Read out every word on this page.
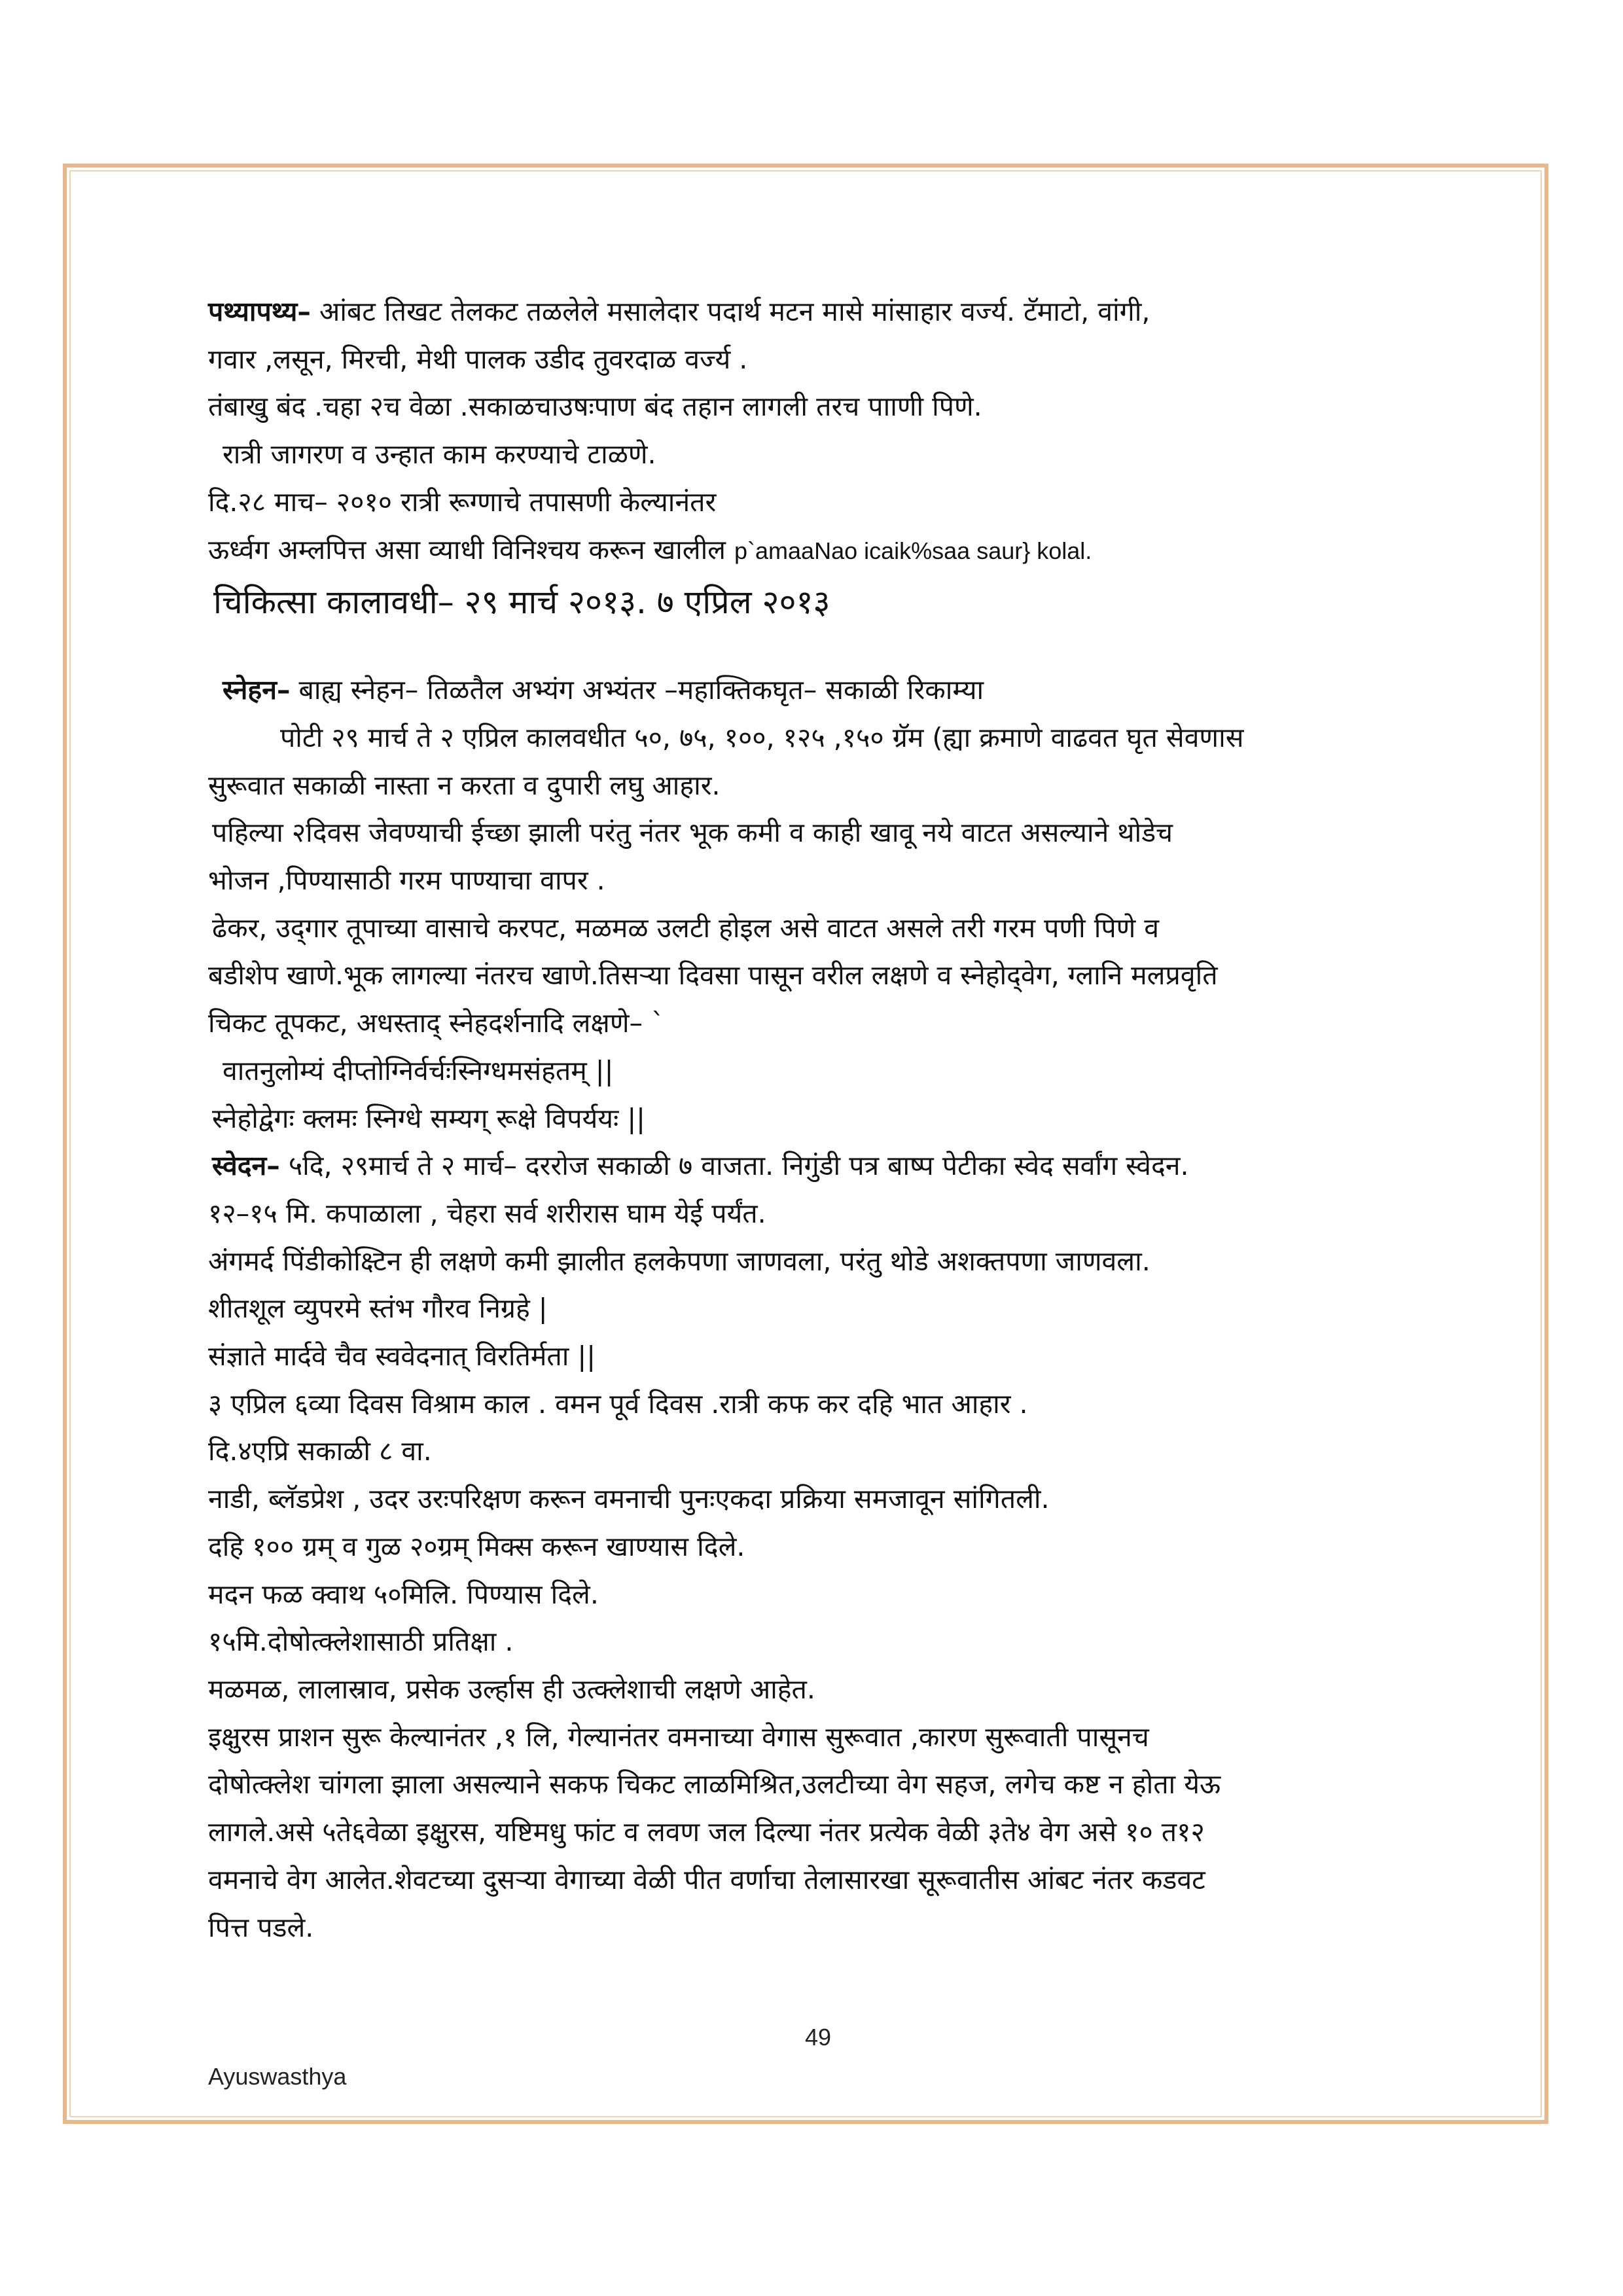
पथ्यापथ्य– आंबट तिखट तेलकट तळलेले मसालेदार पदार्थ मटन मासे मांसाहार वर्ज्य. टॅमाटो, वांगी,
गवार ,लसून, मिरची, मेथी पालक उडीद तुवरदाळ वर्ज्य .
तंबाखु बंद .चहा २च वेळा .सकाळचाउषःपाण बंद तहान लागली तरच पााणी पिणे.
रात्री जागरण व उन्हात काम करण्याचे टाळणे.
दि.२८ माच– २०१० रात्री रूग्णाचे तपासणी केल्यानंतर
ऊर्ध्वग अम्लपित्त असा व्याधी विनिश्चय करून खालील p`amaaNao icaik%saa saur} kolal.
चिकित्सा कालावधी– २९ मार्च २०१३. ७ एप्रिल २०१३
स्नेहन– बाह्य स्नेहन– तिळतैल अभ्यंग अभ्यंतर –महाक्तिकघृत– सकाळी रिकाम्या
पोटी २९ मार्च ते २ एप्रिल कालवधीत ५०, ७५, १००, १२५ ,१५० ग्रॅम (ह्या क्रमाणे वाढवत घृत सेवणास
सुरूवात सकाळी नास्ता न करता व दुपारी लघु आहार.
पहिल्या २दिवस जेवण्याची ईच्छा झाली परंतु नंतर भूक कमी व काही खावू नये वाटत असल्याने थोडेच
भोजन ,पिण्यासाठी गरम पाण्याचा वापर .
ढेकर, उद्‌गार तूपाच्या वासाचे करपट, मळमळ उलटी होइल असे वाटत असले तरी गरम पणी पिणे व
बडीशेप खाणे.भूक लागल्या नंतरच खाणे.तिसऱ्या दिवसा पासून वरील लक्षणे व स्नेहोद्‌वेग, ग्लानि मलप्रवृति
चिकट तूपकट, अधस्ताद् स्नेहदर्शनादि लक्षणे– `
वातनुलोम्यं दीप्तोग्निर्वर्चःस्निग्धमसंहतम् ||
स्नेहोद्वेगः क्लमः स्निग्धे सम्यग् रूक्षे विपर्ययः ||
स्वेदन– ५दि, २९मार्च ते २ मार्च– दररोज सकाळी ७ वाजता. निगुंडी पत्र बाष्प पेटीका स्वेद सर्वांग स्वेदन.
१२–१५ मि. कपाळाला , चेहरा सर्व शरीरास घाम येई पर्यंत.
अंगमर्द पिंडीकोक्ष्टिन ही लक्षणे कमी झालीत हलकेपणा जाणवला, परंतु थोडे अशक्तपणा जाणवला.
शीतशूल व्युपरमे स्तंभ गौरव निग्रहे |
संज्ञाते मार्दवे चैव स्ववेदनात् विरतिर्मता ||
३ एप्रिल ६व्या दिवस विश्राम काल . वमन पूर्व दिवस .रात्री कफ कर दहि भात आहार .
दि.४एप्रि सकाळी ८ वा.
नाडी, ब्लॅडप्रेश , उदर उरःपरिक्षण करून वमनाची पुनःएकदा प्रक्रिया समजावून सांगितली.
दहि १०० ग्रम् व गुळ २०ग्रम् मिक्स करून खाण्यास दिले.
मदन फळ क्वाथ ५०मिलि. पिण्यास दिले.
१५मि.दोषोत्क्लेशासाठी प्रतिक्षा .
मळमळ, लालास्राव, प्रसेक उर्ल्हास ही उत्क्लेशाची लक्षणे आहेत.
इक्षुरस प्राशन सुरू केल्यानंतर ,१ लि, गेल्यानंतर वमनाच्या वेगास सुरूवात ,कारण सुरूवाती पासूनच
दोषोत्क्लेश चांगला झाला असल्याने सकफ चिकट लाळमिश्रित,उलटीच्या वेग सहज, लगेच कष्ट न होता येऊ
लागले.असे ५ते६वेळा इक्षुरस, यष्टिमधु फांट व लवण जल दिल्या नंतर प्रत्येक वेळी ३ते४ वेग असे १० त१२
वमनाचे वेग आलेत.शेवटच्या दुसऱ्या वेगाच्या वेळी पीत वर्णाचा तेलासारखा सूरूवातीस आंबट नंतर कडवट
पित्त पडले.
49
Ayuswasthya
